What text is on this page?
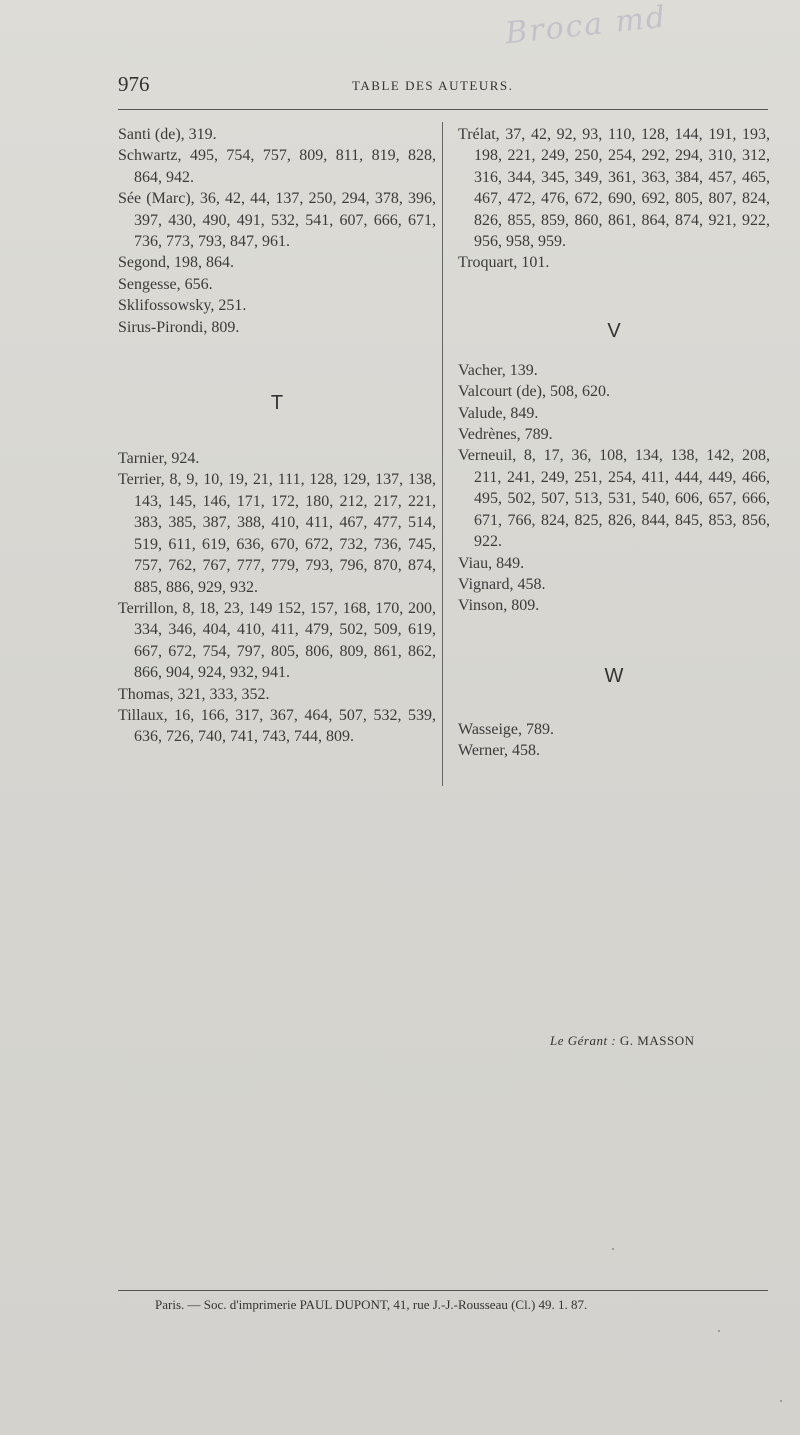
Broca md
976	TABLE DES AUTEURS.
Santi (de), 319.
Schwartz, 495, 754, 757, 809, 811, 819, 828, 864, 942.
Sée (Marc), 36, 42, 44, 137, 250, 294, 378, 396, 397, 430, 490, 491, 532, 541, 607, 666, 671, 736, 773, 793, 847, 961.
Segond, 198, 864.
Sengesse, 656.
Sklifossowsky, 251.
Sirus-Pirondi, 809.
T
Tarnier, 924.
Terrier, 8, 9, 10, 19, 21, 111, 128, 129, 137, 138, 143, 145, 146, 171, 172, 180, 212, 217, 221, 383, 385, 387, 388, 410, 411, 467, 477, 514, 519, 611, 619, 636, 670, 672, 732, 736, 745, 757, 762, 767, 777, 779, 793, 796, 870, 874, 885, 886, 929, 932.
Terrillon, 8, 18, 23, 149 152, 157, 168, 170, 200, 334, 346, 404, 410, 411, 479, 502, 509, 619, 667, 672, 754, 797, 805, 806, 809, 861, 862, 866, 904, 924, 932, 941.
Thomas, 321, 333, 352.
Tillaux, 16, 166, 317, 367, 464, 507, 532, 539, 636, 726, 740, 741, 743, 744, 809.
Trélat, 37, 42, 92, 93, 110, 128, 144, 191, 193, 198, 221, 249, 250, 254, 292, 294, 310, 312, 316, 344, 345, 349, 361, 363, 384, 457, 465, 467, 472, 476, 672, 690, 692, 805, 807, 824, 826, 855, 859, 860, 861, 864, 874, 921, 922, 956, 958, 959.
Troquart, 101.
V
Vacher, 139.
Valcourt (de), 508, 620.
Valude, 849.
Vedrènes, 789.
Verneuil, 8, 17, 36, 108, 134, 138, 142, 208, 211, 241, 249, 251, 254, 411, 444, 449, 466, 495, 502, 507, 513, 531, 540, 606, 657, 666, 671, 766, 824, 825, 826, 844, 845, 853, 856, 922.
Viau, 849.
Vignard, 458.
Vinson, 809.
W
Wasseige, 789.
Werner, 458.
Le Gérant : G. MASSON
Paris. — Soc. d'imprimerie PAUL DUPONT, 41, rue J.-J.-Rousseau (Cl.) 49. 1. 87.
